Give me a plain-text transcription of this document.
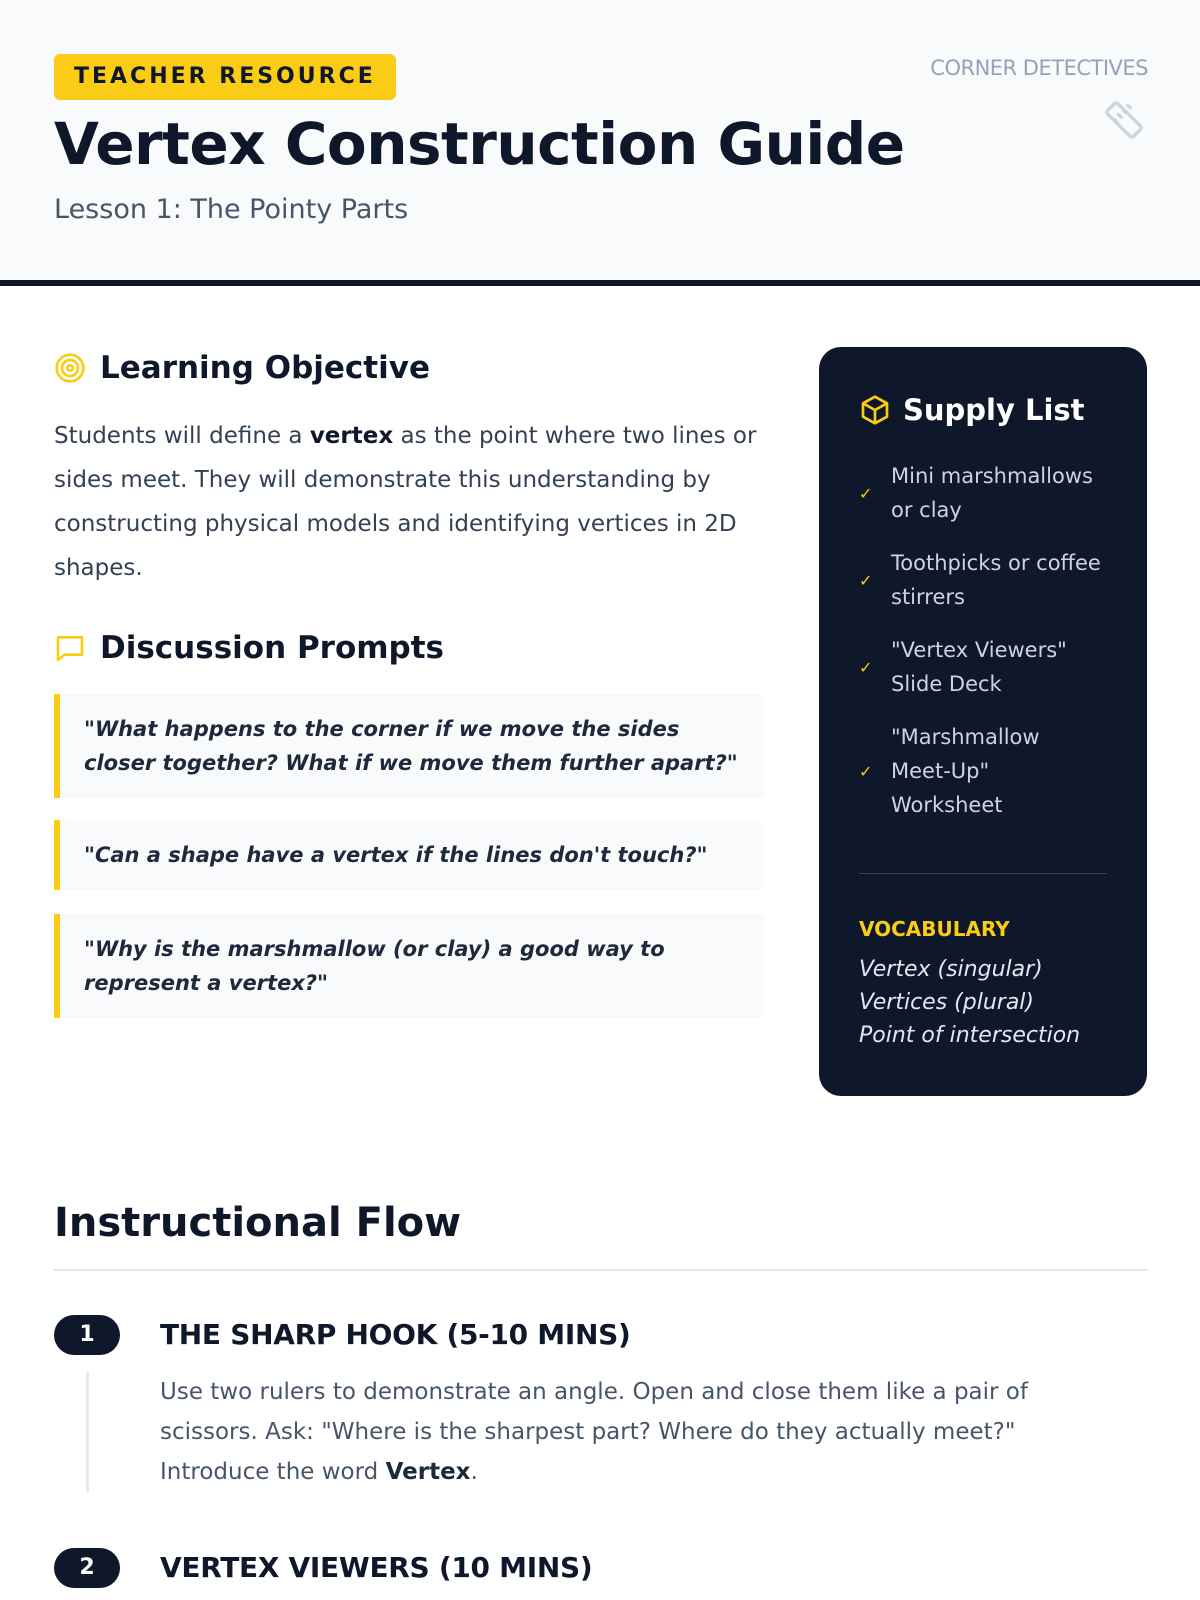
TEACHER RESOURCE
Vertex Construction Guide
Lesson 1: The Pointy Parts
CORNER DETECTIVES
Learning Objective

Students will define a vertex as the point where two lines or sides meet. They will demonstrate this understanding by constructing physical models and identifying vertices in 2D shapes.

Discussion Prompts
"What happens to the corner if we move the sides closer together? What if we move them further apart?"
"Can a shape have a vertex if the lines don't touch?"
"Why is the marshmallow (or clay) a good way to represent a vertex?"
Supply List
✓
Mini marshmallows or clay
✓
Toothpicks or coffee stirrers
✓
"Vertex Viewers" Slide Deck
✓
"Marshmallow Meet-Up" Worksheet
VOCABULARY
Vertex (singular)
Vertices (plural)
Point of intersection
Instructional Flow
1	THE SHARP HOOK (5-10 MINS)

Use two rulers to demonstrate an angle. Open and close them like a pair of scissors. Ask: "Where is the sharpest part? Where do they actually meet?" Introduce the word Vertex.

2	VERTEX VIEWERS (10 MINS)
